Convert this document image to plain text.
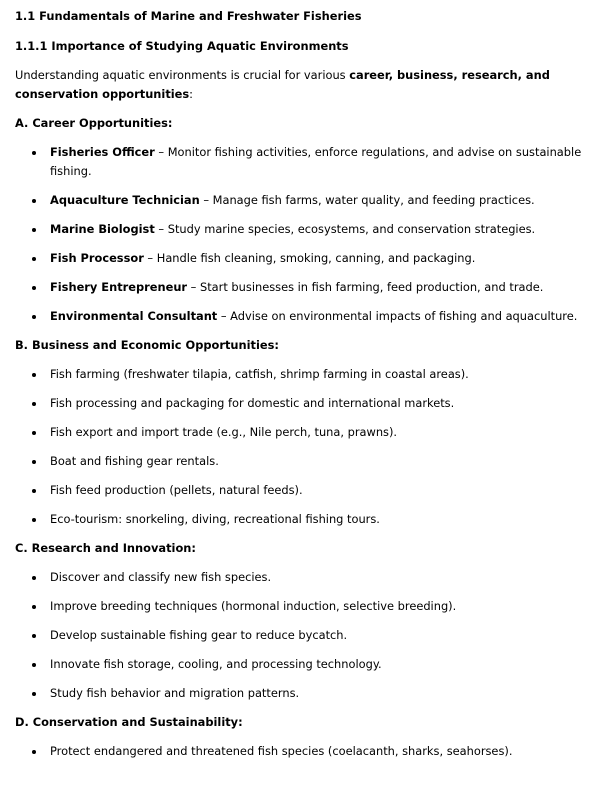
1.1 Fundamentals of Marine and Freshwater Fisheries
1.1.1 Importance of Studying Aquatic Environments

Understanding aquatic environments is crucial for various career, business, research, and conservation opportunities:

A. Career Opportunities:

Fisheries Officer – Monitor fishing activities, enforce regulations, and advise on sustainable fishing.
Aquaculture Technician – Manage fish farms, water quality, and feeding practices.
Marine Biologist – Study marine species, ecosystems, and conservation strategies.
Fish Processor – Handle fish cleaning, smoking, canning, and packaging.
Fishery Entrepreneur – Start businesses in fish farming, feed production, and trade.
Environmental Consultant – Advise on environmental impacts of fishing and aquaculture.

B. Business and Economic Opportunities:

Fish farming (freshwater tilapia, catfish, shrimp farming in coastal areas).
Fish processing and packaging for domestic and international markets.
Fish export and import trade (e.g., Nile perch, tuna, prawns).
Boat and fishing gear rentals.
Fish feed production (pellets, natural feeds).
Eco-tourism: snorkeling, diving, recreational fishing tours.

C. Research and Innovation:

Discover and classify new fish species.
Improve breeding techniques (hormonal induction, selective breeding).
Develop sustainable fishing gear to reduce bycatch.
Innovate fish storage, cooling, and processing technology.
Study fish behavior and migration patterns.

D. Conservation and Sustainability:

Protect endangered and threatened fish species (coelacanth, sharks, seahorses).
